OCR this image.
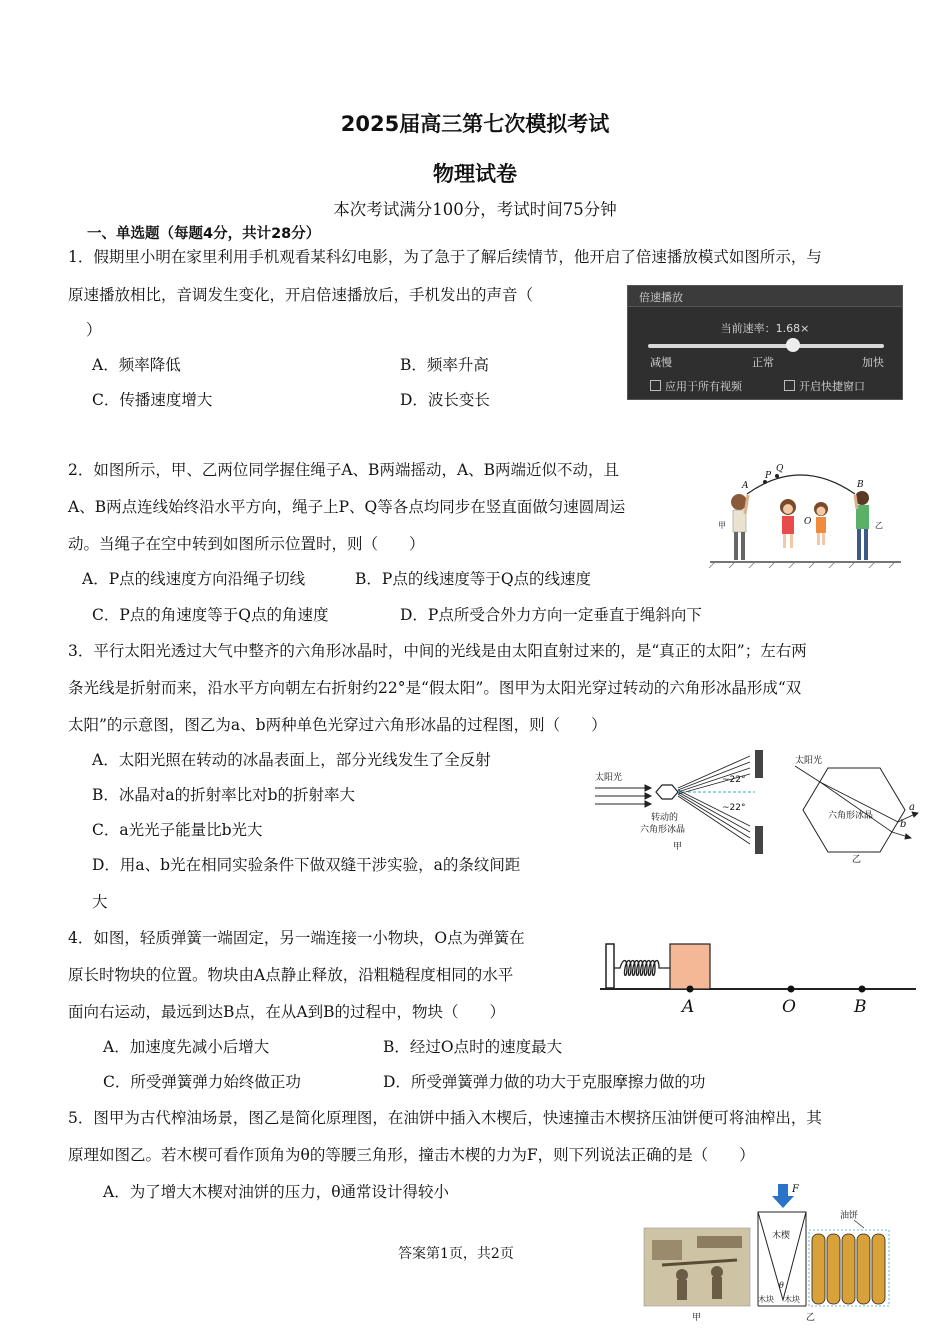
2025届高三第七次模拟考试
物理试卷
本次考试满分100分，考试时间75分钟
一、单选题（每题4分，共计28分）
1．假期里小明在家里利用手机观看某科幻电影，为了急于了解后续情节，他开启了倍速播放模式如图所示，与
原速播放相比，音调发生变化，开启倍速播放后，手机发出的声音（
）
A．频率降低	B．频率升高
C．传播速度增大	D．波长变长
倍速播放
当前速率：1.68×
减慢	正常	加快
应用于所有视频	开启快捷窗口
2．如图所示，甲、乙两位同学握住绳子A、B两端摇动，A、B两端近似不动，且
A、B两点连线始终沿水平方向，绳子上P、Q等各点均同步在竖直面做匀速圆周运
动。当绳子在空中转到如图所示位置时，则（　　）
A．P点的线速度方向沿绳子切线	B．P点的线速度等于Q点的线速度
C．P点的角速度等于Q点的角速度	D．P点所受合外力方向一定垂直于绳斜向下
A
P
Q
B
O
甲	乙
3．平行太阳光透过大气中整齐的六角形冰晶时，中间的光线是由太阳直射过来的，是“真正的太阳”；左右两
条光线是折射而来，沿水平方向朝左右折射约22°是“假太阳”。图甲为太阳光穿过转动的六角形冰晶形成“双
太阳”的示意图，图乙为a、b两种单色光穿过六角形冰晶的过程图，则（　　）
A．太阳光照在转动的冰晶表面上，部分光线发生了全反射
B．冰晶对a的折射率比对b的折射率大
C．a光光子能量比b光大
D．用a、b光在相同实验条件下做双缝干涉实验，a的条纹间距
大
太阳光	~22°
~22°
转动的
六角形冰晶
甲
太阳光
六角形冰晶
乙
a
b
4．如图，轻质弹簧一端固定，另一端连接一小物块，O点为弹簧在
原长时物块的位置。物块由A点静止释放，沿粗糙程度相同的水平
面向右运动，最远到达B点，在从A到B的过程中，物块（　　）
A．加速度先减小后增大	B．经过O点时的速度最大
C．所受弹簧弹力始终做正功	D．所受弹簧弹力做的功大于克服摩擦力做的功
A	O	B
5．图甲为古代榨油场景，图乙是简化原理图，在油饼中插入木楔后，快速撞击木楔挤压油饼便可将油榨出，其
原理如图乙。若木楔可看作顶角为θ的等腰三角形，撞击木楔的力为F，则下列说法正确的是（　　）
A．为了增大木楔对油饼的压力，θ通常设计得较小
甲
F
木楔
θ
木块 木块
油饼
乙
答案第1页，共2页
